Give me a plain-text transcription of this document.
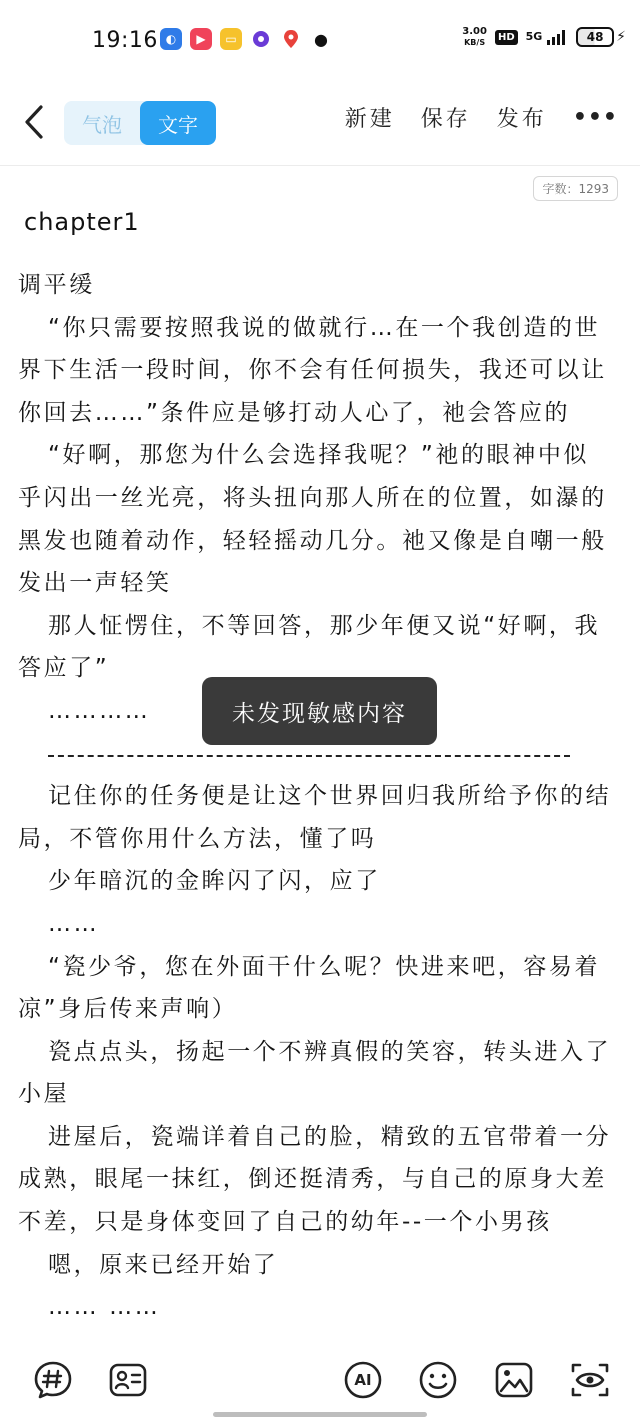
19:16 ◐	▶	▭	●	3.00
KB/S	HD 5G	48 ⚡
气泡	文字	新建 保存 发布 •••
字数：1293
chapter1
调平缓
“你只需要按照我说的做就行…在一个我创造的世
界下生活一段时间，你不会有任何损失，我还可以让
你回去……”条件应是够打动人心了，祂会答应的
“好啊，那您为什么会选择我呢？”祂的眼神中似
乎闪出一丝光亮，将头扭向那人所在的位置，如瀑的
黑发也随着动作，轻轻摇动几分。祂又像是自嘲一般
发出一声轻笑
那人怔愣住，不等回答，那少年便又说“好啊，我
答应了”
…………
记住你的任务便是让这个世界回归我所给予你的结
局，不管你用什么方法，懂了吗
少年暗沉的金眸闪了闪，应了
……
“瓷少爷，您在外面干什么呢？快进来吧，容易着
凉”身后传来声响）
瓷点点头，扬起一个不辨真假的笑容，转头进入了
小屋
进屋后，瓷端详着自己的脸，精致的五官带着一分
成熟，眼尾一抹红，倒还挺清秀，与自己的原身大差
不差，只是身体变回了自己的幼年--一个小男孩
嗯，原来已经开始了
…… ……
未发现敏感内容
AI
